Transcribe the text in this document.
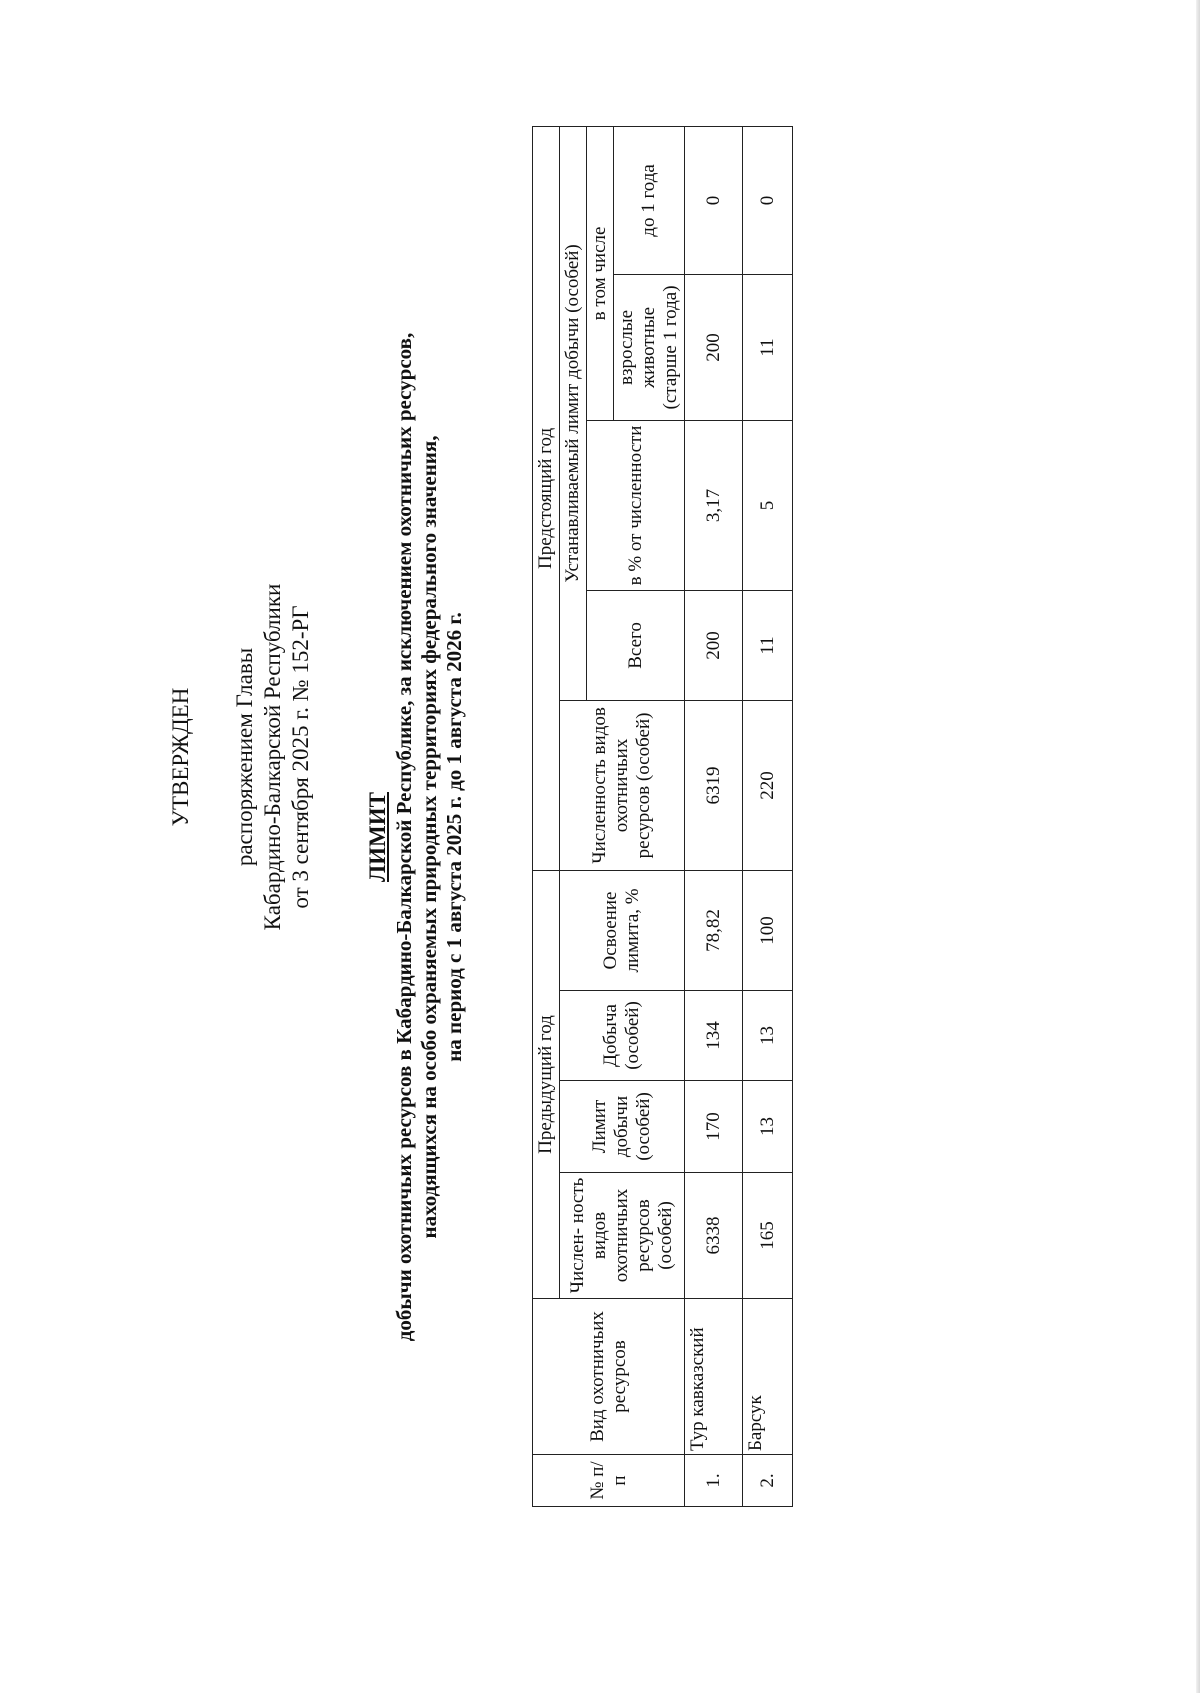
УТВЕРЖДЕН распоряжением Главы Кабардино-Балкарской Республики от 3 сентября 2025 г. № 152-РГ ЛИМИТ добычи охотничьих ресурсов в Кабардино-Балкарской Республике, за исключением охотничьих ресурсов, находящихся на особо охраняемых природных территориях федерального значения, на период с 1 августа 2025 г. до 1 августа 2026 г.
№ п/п	Вид охотничьих ресурсов	Предыдущий год				Предстоящий год				
		Числен- ность видов охотничьих ресурсов (особей)	Лимит добычи (особей)	Добыча (особей)	Освоение лимита, %	Численность видов охотничьих ресурсов (особей)	Устанавливаемый лимит добычи (особей)			
							Всего	в % от численности	в том числе	
									взрослые животные (старше 1 года)	до 1 года
1.	Тур кавказский	6338	170	134	78,82	6319	200	3,17	200	0
2.	Барсук	165	13	13	100	220	11	5	11	0
